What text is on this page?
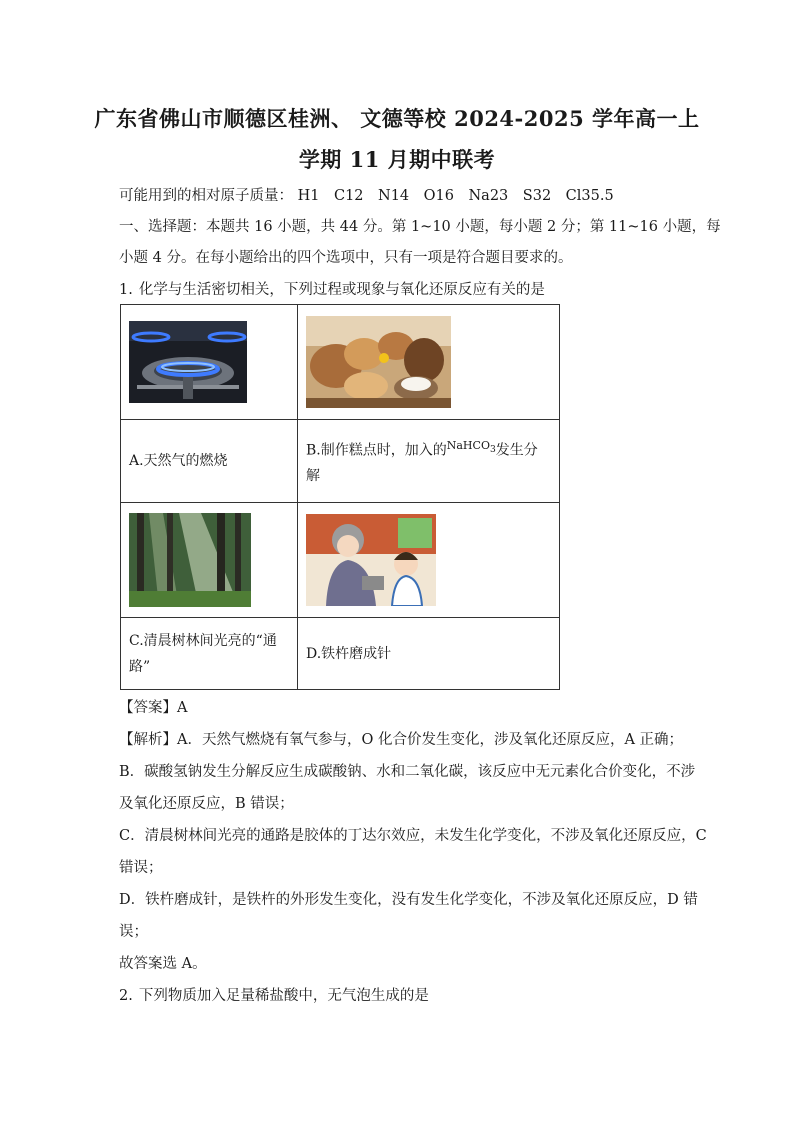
广东省佛山市顺德区桂洲、 文德等校 2024-2025 学年高一上
学期 11 月期中联考
可能用到的相对原子质量： H1　C12　N14　O16　Na23　S32　Cl35.5
一、选择题：本题共 16 小题，共 44 分。第 1~10 小题，每小题 2 分；第 11~16 小题，每
小题 4 分。在每小题给出的四个选项中，只有一项是符合题目要求的。
1. 化学与生活密切相关，下列过程或现象与氧化还原反应有关的是

A.天然气的燃烧	B.制作糕点时，加入的$^{NaHCO_3}$发生分
解

C.清晨树林间光亮的“通
路”	D.铁杵磨成针
【答案】A
【解析】A．天然气燃烧有氧气参与，O 化合价发生变化，涉及氧化还原反应，A 正确；
B．碳酸氢钠发生分解反应生成碳酸钠、水和二氧化碳，该反应中无元素化合价变化，不涉
及氧化还原反应，B 错误；
C．清晨树林间光亮的通路是胶体的丁达尔效应，未发生化学变化，不涉及氧化还原反应，C
错误；
D．铁杵磨成针，是铁杵的外形发生变化，没有发生化学变化，不涉及氧化还原反应，D 错
误；
故答案选 A。
2. 下列物质加入足量稀盐酸中，无气泡生成的是
